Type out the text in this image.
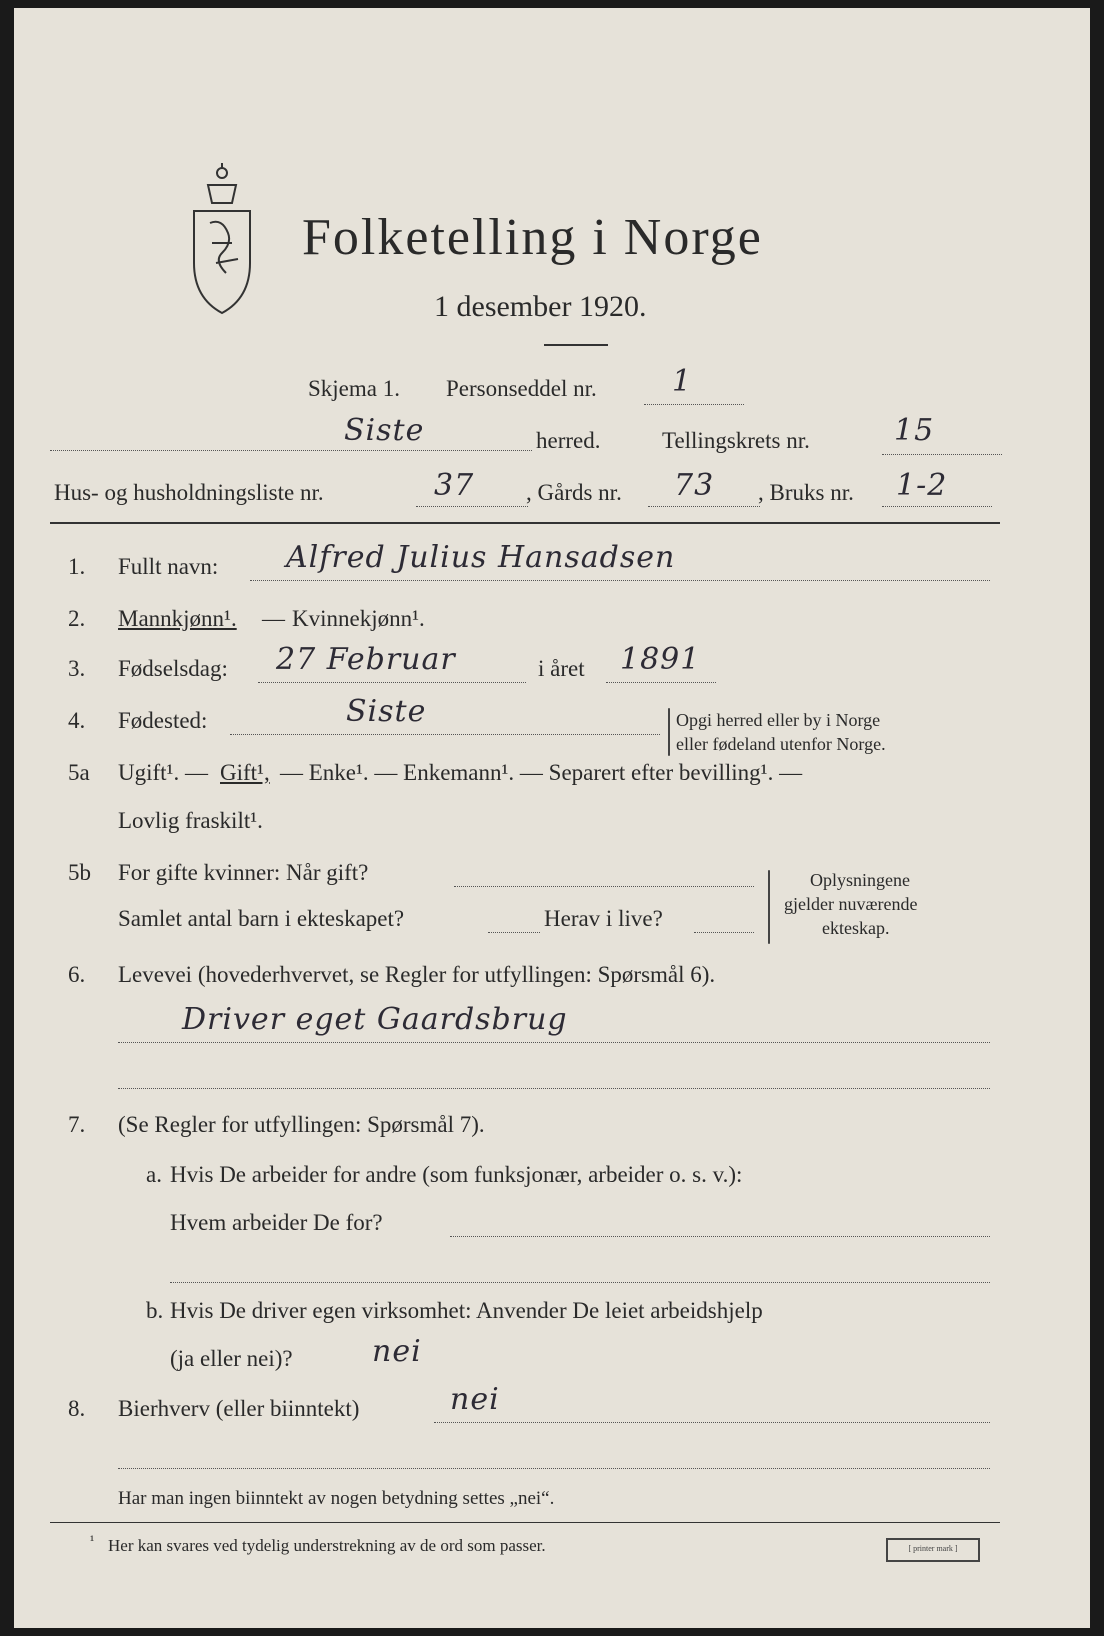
Folketelling i Norge
1 desember 1920.
Skjema 1. Personseddel nr.	1
Siste	herred.	Tellingskrets nr.	15
Hus- og husholdningsliste nr.	37 , Gårds nr. 73 , Bruks nr. 1-2
1. Fullt navn: Alfred Julius Hansadsen
2. Mannkjønn¹. — Kvinnekjønn¹.
3. Fødselsdag: 27 Februar	i året 1891
4. Fødested:	Siste	Opgi herred eller by i Norge
eller fødeland utenfor Norge.
5a Ugift¹. — Gift¹, — Enke¹. — Enkemann¹. — Separert efter bevilling¹. —
Lovlig fraskilt¹.
5b For gifte kvinner: Når gift?
Samlet antal barn i ekteskapet?	Herav i live?
Oplysningene
gjelder nuværende
ekteskap.
6. Levevei (hovederhvervet, se Regler for utfyllingen: Spørsmål 6).
Driver eget Gaardsbrug
7. (Se Regler for utfyllingen: Spørsmål 7).
a. Hvis De arbeider for andre (som funksjonær, arbeider o. s. v.):
Hvem arbeider De for?
b. Hvis De driver egen virksomhet: Anvender De leiet arbeidshjelp
(ja eller nei)?	nei
8. Bierhverv (eller biinntekt)	nei
Har man ingen biinntekt av nogen betydning settes „nei“.
¹ Her kan svares ved tydelig understrekning av de ord som passer.	[ printer mark ]
